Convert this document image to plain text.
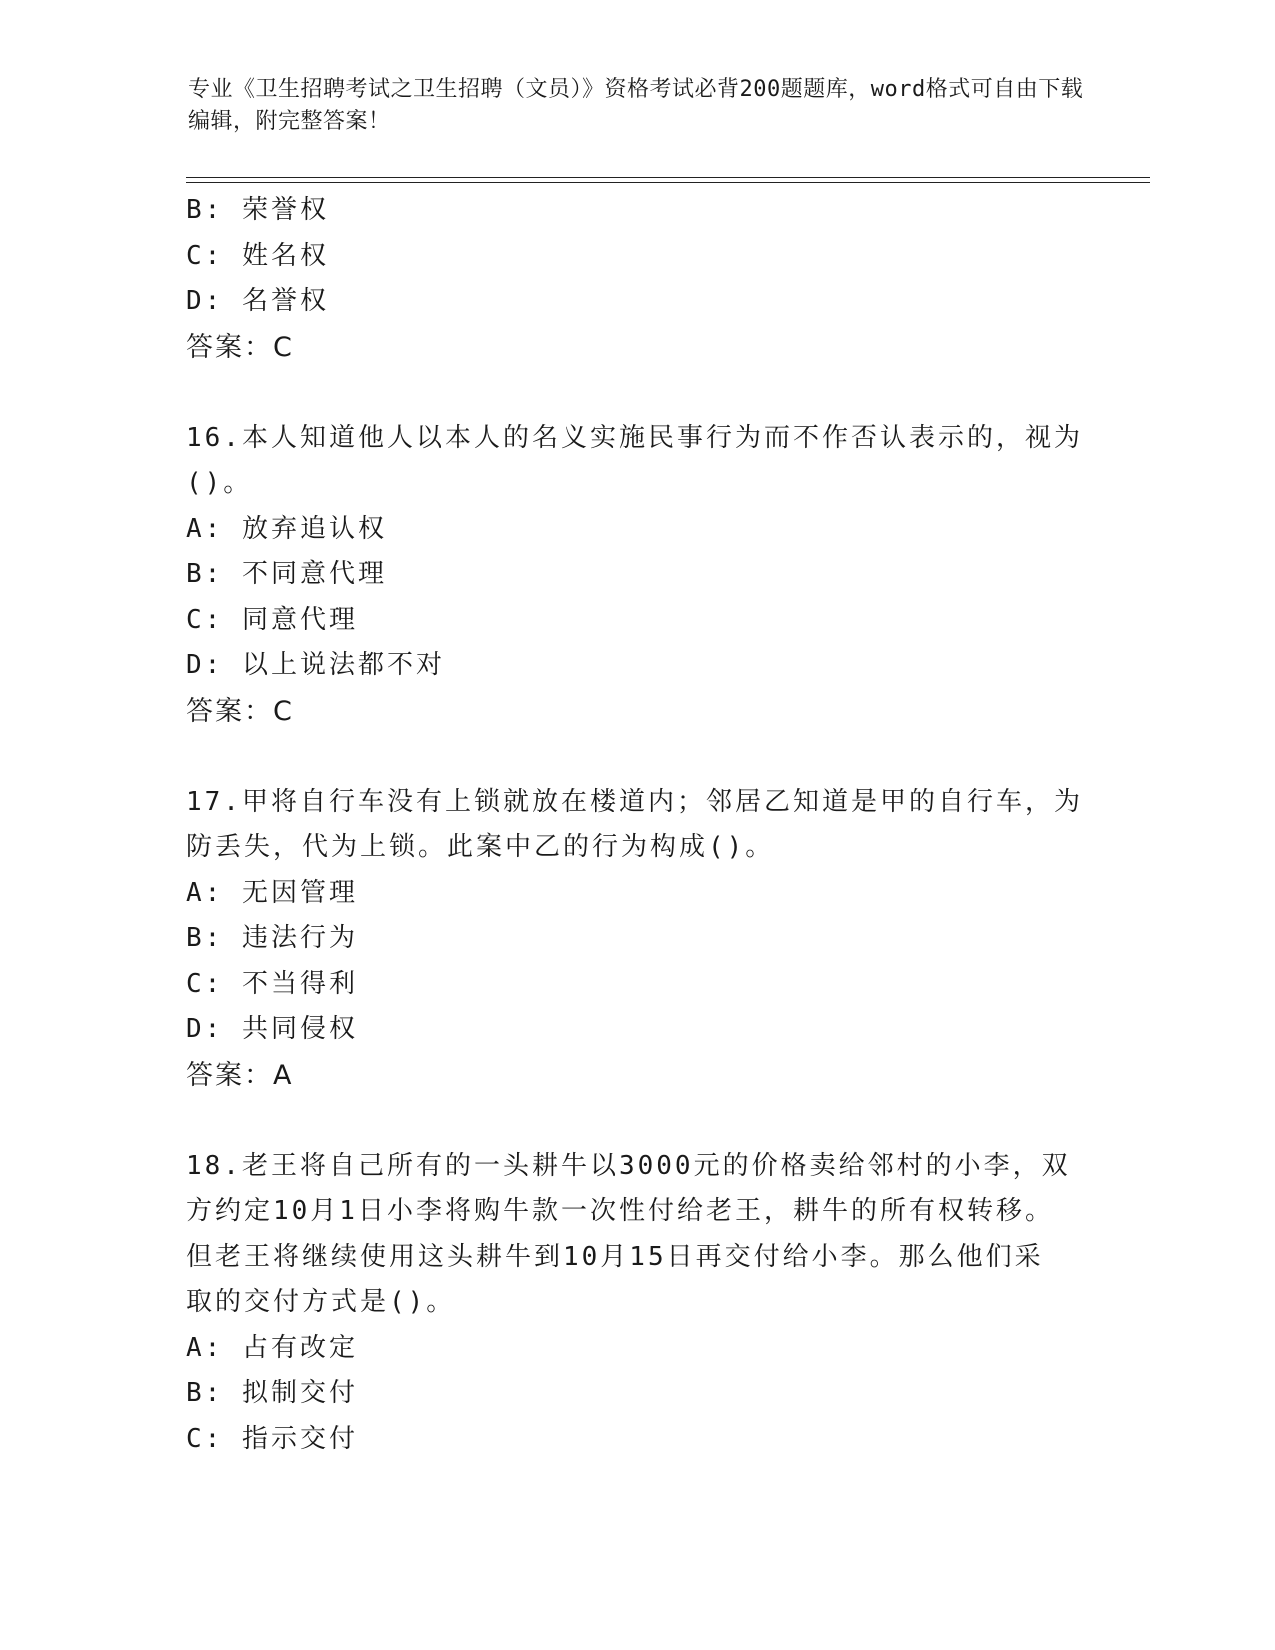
专业《卫生招聘考试之卫生招聘（文员）》资格考试必背200题题库，word格式可自由下载编辑，附完整答案！
B: 荣誉权
C: 姓名权
D: 名誉权
答案：C
16.本人知道他人以本人的名义实施民事行为而不作否认表示的，视为
()。
A: 放弃追认权
B: 不同意代理
C: 同意代理
D: 以上说法都不对
答案：C
17.甲将自行车没有上锁就放在楼道内；邻居乙知道是甲的自行车，为
防丢失，代为上锁。此案中乙的行为构成()。
A: 无因管理
B: 违法行为
C: 不当得利
D: 共同侵权
答案：A
18.老王将自己所有的一头耕牛以3000元的价格卖给邻村的小李，双
方约定10月1日小李将购牛款一次性付给老王，耕牛的所有权转移。
但老王将继续使用这头耕牛到10月15日再交付给小李。那么他们采
取的交付方式是()。
A: 占有改定
B: 拟制交付
C: 指示交付
